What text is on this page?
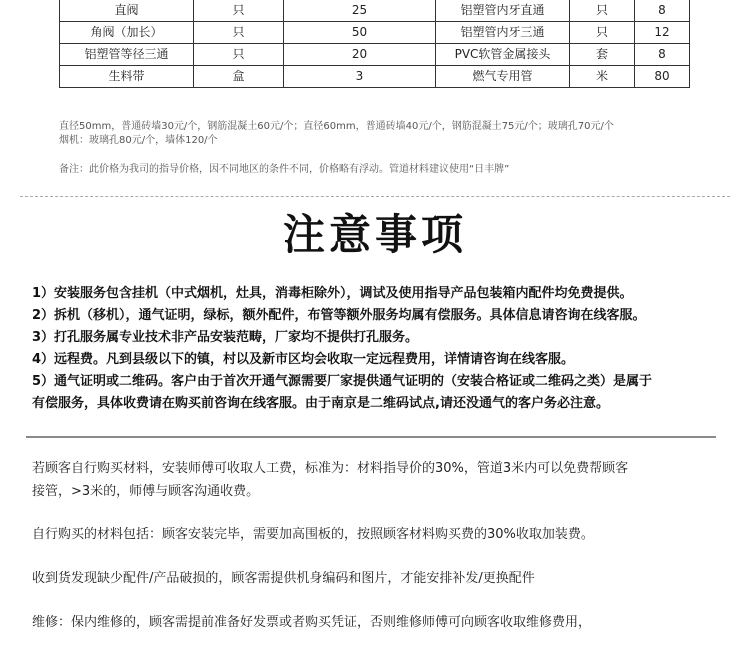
直阀	只	25	铝塑管内牙直通	只	8
角阀（加长）	只	50	铝塑管内牙三通	只	12
铝塑管等径三通	只	20	PVC软管金属接头	套	8
生料带	盒	3	燃气专用管	米	80
直径50mm，普通砖墙30元/个，钢筋混凝土60元/个；直径60mm，普通砖墙40元/个，钢筋混凝土75元/个；玻璃孔70元/个
烟机：玻璃孔80元/个，墙体120/个
备注：此价格为我司的指导价格，因不同地区的条件不同，价格略有浮动。管道材料建议使用“日丰牌”
注意事项
1）安装服务包含挂机（中式烟机，灶具，消毒柜除外），调试及使用指导产品包装箱内配件均免费提供。
2）拆机（移机），通气证明，绿标，额外配件，布管等额外服务均属有偿服务。具体信息请咨询在线客服。
3）打孔服务属专业技术非产品安装范畴，厂家均不提供打孔服务。
4）远程费。凡到县级以下的镇，村以及新市区均会收取一定远程费用，详情请咨询在线客服。
5）通气证明或二维码。客户由于首次开通气源需要厂家提供通气证明的（安装合格证或二维码之类）是属于
有偿服务，具体收费请在购买前咨询在线客服。由于南京是二维码试点,请还没通气的客户务必注意。
若顾客自行购买材料，安装师傅可收取人工费，标准为：材料指导价的30%，管道3米内可以免费帮顾客
接管，>3米的，师傅与顾客沟通收费。
自行购买的材料包括：顾客安装完毕，需要加高围板的，按照顾客材料购买费的30%收取加装费。
收到货发现缺少配件/产品破损的，顾客需提供机身编码和图片，才能安排补发/更换配件
维修：保内维修的，顾客需提前准备好发票或者购买凭证，否则维修师傅可向顾客收取维修费用，
